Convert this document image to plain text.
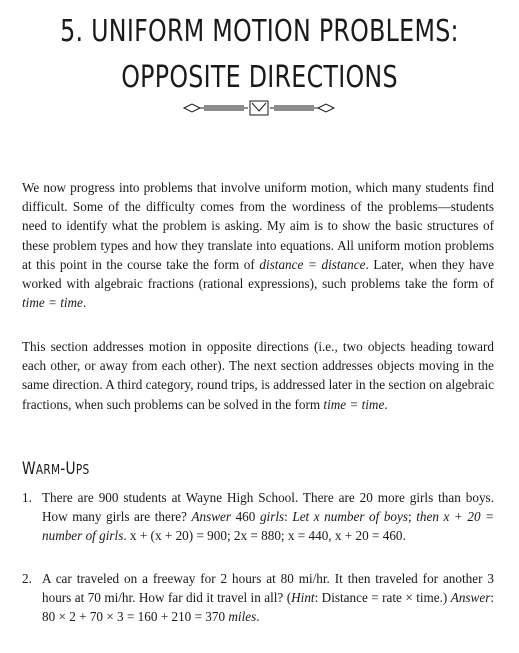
5. UNIFORM MOTION PROBLEMS:
OPPOSITE DIRECTIONS

We now progress into problems that involve uniform motion, which many students find difficult. Some of the difficulty comes from the wordiness of the problems—students need to identify what the problem is asking. My aim is to show the basic structures of these problem types and how they translate into equations. All uniform motion problems at this point in the course take the form of distance = distance. Later, when they have worked with algebraic fractions (rational expressions), such problems take the form of time = time.

This section addresses motion in opposite directions (i.e., two objects heading toward each other, or away from each other). The next section addresses objects moving in the same direction. A third category, round trips, is addressed later in the section on algebraic fractions, when such problems can be solved in the form time = time.

WARM-UPS
1. There are 900 students at Wayne High School. There are 20 more girls than boys. How many girls are there? Answer 460 girls: Let x number of boys; then x + 20 = number of girls. x + (x + 20) = 900; 2x = 880; x = 440, x + 20 = 460.
2. A car traveled on a freeway for 2 hours at 80 mi/hr. It then traveled for another 3 hours at 70 mi/hr. How far did it travel in all? (Hint: Distance = rate × time.) Answer: 80 × 2 + 70 × 3 = 160 + 210 = 370 miles.
